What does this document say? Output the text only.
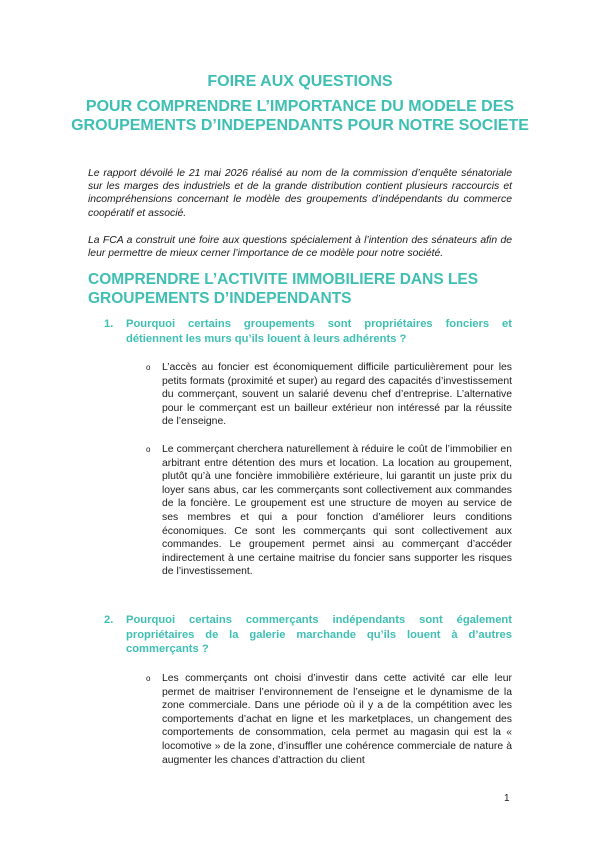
FOIRE AUX QUESTIONS
POUR COMPRENDRE L’IMPORTANCE DU MODELE DES GROUPEMENTS D’INDEPENDANTS POUR NOTRE SOCIETE

Le rapport dévoilé le 21 mai 2026 réalisé au nom de la commission d’enquête sénatoriale sur les marges des industriels et de la grande distribution contient plusieurs raccourcis et incompréhensions concernant le modèle des groupements d’indépendants du commerce coopératif et associé.

La FCA a construit une foire aux questions spécialement à l’intention des sénateurs afin de leur permettre de mieux cerner l’importance de ce modèle pour notre société.

COMPRENDRE L’ACTIVITE IMMOBILIERE DANS LES GROUPEMENTS D’INDEPENDANTS
1.	Pourquoi certains groupements sont propriétaires fonciers et détiennent les murs qu’ils louent à leurs adhérents ?
o	L’accès au foncier est économiquement difficile particulièrement pour les petits formats (proximité et super) au regard des capacités d’investissement du commerçant, souvent un salarié devenu chef d’entreprise. L’alternative pour le commerçant est un bailleur extérieur non intéressé par la réussite de l’enseigne.
o	Le commerçant cherchera naturellement à réduire le coût de l’immobilier en arbitrant entre détention des murs et location. La location au groupement, plutôt qu’à une foncière immobilière extérieure, lui garantit un juste prix du loyer sans abus, car les commerçants sont collectivement aux commandes de la foncière. Le groupement est une structure de moyen au service de ses membres et qui a pour fonction d’améliorer leurs conditions économiques. Ce sont les commerçants qui sont collectivement aux commandes. Le groupement permet ainsi au commerçant d’accéder indirectement à une certaine maitrise du foncier sans supporter les risques de l’investissement.
2.	Pourquoi certains commerçants indépendants sont également propriétaires de la galerie marchande qu’ils louent à d’autres commerçants ?
o	Les commerçants ont choisi d’investir dans cette activité car elle leur permet de maitriser l’environnement de l’enseigne et le dynamisme de la zone commerciale. Dans une période où il y a de la compétition avec les comportements d’achat en ligne et les marketplaces, un changement des comportements de consommation, cela permet au magasin qui est la « locomotive » de la zone, d’insuffler une cohérence commerciale de nature à augmenter les chances d’attraction du client
1
